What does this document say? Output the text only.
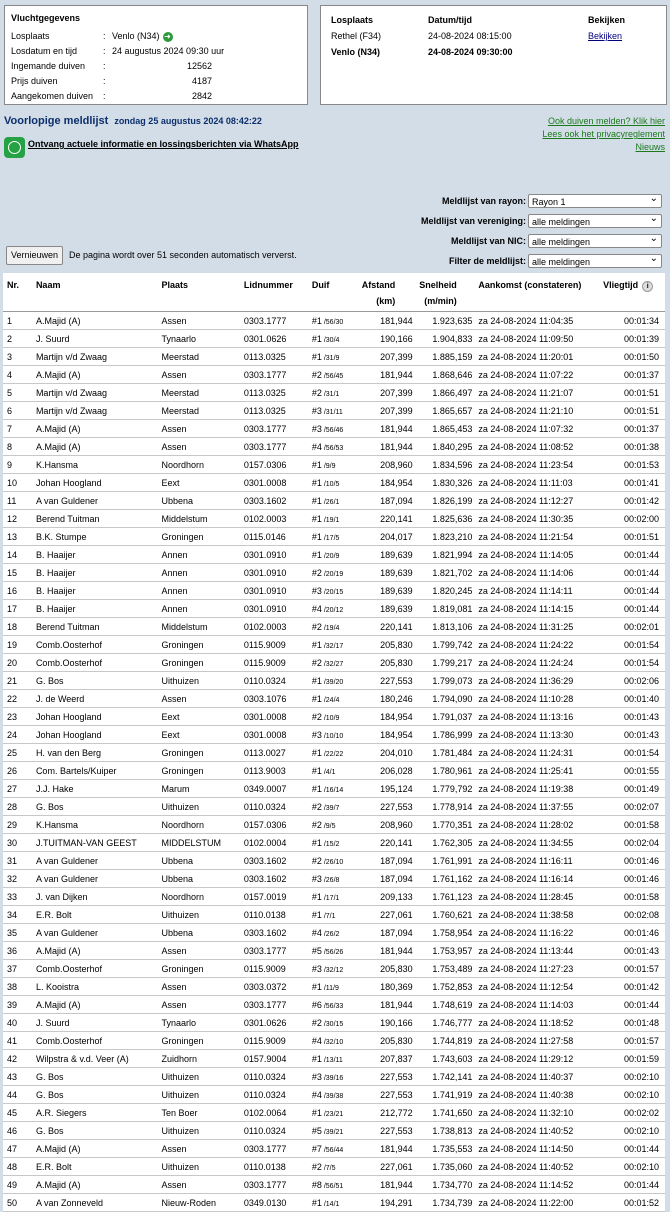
Vluchtgegevens
Losplaats	: Venlo (N34) ➜
Losdatum en tijd	: 24 augustus 2024 09:30 uur
Ingemande duiven :	12562
Prijs duiven	:	4187
Aangekomen duiven :	2842
Losplaats	Datum/tijd	Bekijken
Rethel (F34)	24-08-2024 08:15:00	Bekijken
Venlo (N34)	24-08-2024 09:30:00
Voorlopige meldlijst zondag 25 augustus 2024 08:42:22	Ook duiven melden? Klik hier
Lees ook het privacyreglement
Nieuws
Ontvang actuele informatie en lossingsberichten via WhatsApp
Meldlijst van rayon: Rayon 1 ⌄
Meldlijst van vereniging: alle meldingen ⌄
Meldlijst van NIC: alle meldingen ⌄
Filter de meldlijst: alle meldingen ⌄
Vernieuwen	De pagina wordt over 51 seconden automatisch ververst.
Nr.	Naam	Plaats	Lidnummer	Duif	Afstand (km)	Snelheid (m/min)	Aankomst (constateren)	Vliegtijd i
1	A.Majid (A)	Assen	0303.1777	#1 /56/30	181,944	1.923,635	za 24-08-2024 11:04:35	00:01:34
2	J. Suurd	Tynaarlo	0301.0626	#1 /30/4	190,166	1.904,833	za 24-08-2024 11:09:50	00:01:39
3	Martijn v/d Zwaag	Meerstad	0113.0325	#1 /31/9	207,399	1.885,159	za 24-08-2024 11:20:01	00:01:50
4	A.Majid (A)	Assen	0303.1777	#2 /56/45	181,944	1.868,646	za 24-08-2024 11:07:22	00:01:37
5	Martijn v/d Zwaag	Meerstad	0113.0325	#2 /31/1	207,399	1.866,497	za 24-08-2024 11:21:07	00:01:51
6	Martijn v/d Zwaag	Meerstad	0113.0325	#3 /31/11	207,399	1.865,657	za 24-08-2024 11:21:10	00:01:51
7	A.Majid (A)	Assen	0303.1777	#3 /56/46	181,944	1.865,453	za 24-08-2024 11:07:32	00:01:37
8	A.Majid (A)	Assen	0303.1777	#4 /56/53	181,944	1.840,295	za 24-08-2024 11:08:52	00:01:38
9	K.Hansma	Noordhorn	0157.0306	#1 /9/9	208,960	1.834,596	za 24-08-2024 11:23:54	00:01:53
10	Johan Hoogland	Eext	0301.0008	#1 /10/5	184,954	1.830,326	za 24-08-2024 11:11:03	00:01:41
11	A van Guldener	Ubbena	0303.1602	#1 /26/1	187,094	1.826,199	za 24-08-2024 11:12:27	00:01:42
12	Berend Tuitman	Middelstum	0102.0003	#1 /19/1	220,141	1.825,636	za 24-08-2024 11:30:35	00:02:00
13	B.K. Stumpe	Groningen	0115.0146	#1 /17/5	204,017	1.823,210	za 24-08-2024 11:21:54	00:01:51
14	B. Haaijer	Annen	0301.0910	#1 /20/9	189,639	1.821,994	za 24-08-2024 11:14:05	00:01:44
15	B. Haaijer	Annen	0301.0910	#2 /20/19	189,639	1.821,702	za 24-08-2024 11:14:06	00:01:44
16	B. Haaijer	Annen	0301.0910	#3 /20/15	189,639	1.820,245	za 24-08-2024 11:14:11	00:01:44
17	B. Haaijer	Annen	0301.0910	#4 /20/12	189,639	1.819,081	za 24-08-2024 11:14:15	00:01:44
18	Berend Tuitman	Middelstum	0102.0003	#2 /19/4	220,141	1.813,106	za 24-08-2024 11:31:25	00:02:01
19	Comb.Oosterhof	Groningen	0115.9009	#1 /32/17	205,830	1.799,742	za 24-08-2024 11:24:22	00:01:54
20	Comb.Oosterhof	Groningen	0115.9009	#2 /32/27	205,830	1.799,217	za 24-08-2024 11:24:24	00:01:54
21	G. Bos	Uithuizen	0110.0324	#1 /39/20	227,553	1.799,073	za 24-08-2024 11:36:29	00:02:06
22	J. de Weerd	Assen	0303.1076	#1 /24/4	180,246	1.794,090	za 24-08-2024 11:10:28	00:01:40
23	Johan Hoogland	Eext	0301.0008	#2 /10/9	184,954	1.791,037	za 24-08-2024 11:13:16	00:01:43
24	Johan Hoogland	Eext	0301.0008	#3 /10/10	184,954	1.786,999	za 24-08-2024 11:13:30	00:01:43
25	H. van den Berg	Groningen	0113.0027	#1 /22/22	204,010	1.781,484	za 24-08-2024 11:24:31	00:01:54
26	Com. Bartels/Kuiper	Groningen	0113.9003	#1 /4/1	206,028	1.780,961	za 24-08-2024 11:25:41	00:01:55
27	J.J. Hake	Marum	0349.0007	#1 /16/14	195,124	1.779,792	za 24-08-2024 11:19:38	00:01:49
28	G. Bos	Uithuizen	0110.0324	#2 /39/7	227,553	1.778,914	za 24-08-2024 11:37:55	00:02:07
29	K.Hansma	Noordhorn	0157.0306	#2 /9/5	208,960	1.770,351	za 24-08-2024 11:28:02	00:01:58
30	J.TUITMAN-VAN GEEST	MIDDELSTUM	0102.0004	#1 /15/2	220,141	1.762,305	za 24-08-2024 11:34:55	00:02:04
31	A van Guldener	Ubbena	0303.1602	#2 /26/10	187,094	1.761,991	za 24-08-2024 11:16:11	00:01:46
32	A van Guldener	Ubbena	0303.1602	#3 /26/8	187,094	1.761,162	za 24-08-2024 11:16:14	00:01:46
33	J. van Dijken	Noordhorn	0157.0019	#1 /17/1	209,133	1.761,123	za 24-08-2024 11:28:45	00:01:58
34	E.R. Bolt	Uithuizen	0110.0138	#1 /7/1	227,061	1.760,621	za 24-08-2024 11:38:58	00:02:08
35	A van Guldener	Ubbena	0303.1602	#4 /26/2	187,094	1.758,954	za 24-08-2024 11:16:22	00:01:46
36	A.Majid (A)	Assen	0303.1777	#5 /56/26	181,944	1.753,957	za 24-08-2024 11:13:44	00:01:43
37	Comb.Oosterhof	Groningen	0115.9009	#3 /32/12	205,830	1.753,489	za 24-08-2024 11:27:23	00:01:57
38	L. Kooistra	Assen	0303.0372	#1 /11/9	180,369	1.752,853	za 24-08-2024 11:12:54	00:01:42
39	A.Majid (A)	Assen	0303.1777	#6 /56/33	181,944	1.748,619	za 24-08-2024 11:14:03	00:01:44
40	J. Suurd	Tynaarlo	0301.0626	#2 /30/15	190,166	1.746,777	za 24-08-2024 11:18:52	00:01:48
41	Comb.Oosterhof	Groningen	0115.9009	#4 /32/10	205,830	1.744,819	za 24-08-2024 11:27:58	00:01:57
42	Wilpstra & v.d. Veer (A)	Zuidhorn	0157.9004	#1 /13/11	207,837	1.743,603	za 24-08-2024 11:29:12	00:01:59
43	G. Bos	Uithuizen	0110.0324	#3 /39/16	227,553	1.742,141	za 24-08-2024 11:40:37	00:02:10
44	G. Bos	Uithuizen	0110.0324	#4 /39/38	227,553	1.741,919	za 24-08-2024 11:40:38	00:02:10
45	A.R. Siegers	Ten Boer	0102.0064	#1 /23/21	212,772	1.741,650	za 24-08-2024 11:32:10	00:02:02
46	G. Bos	Uithuizen	0110.0324	#5 /39/21	227,553	1.738,813	za 24-08-2024 11:40:52	00:02:10
47	A.Majid (A)	Assen	0303.1777	#7 /56/44	181,944	1.735,553	za 24-08-2024 11:14:50	00:01:44
48	E.R. Bolt	Uithuizen	0110.0138	#2 /7/5	227,061	1.735,060	za 24-08-2024 11:40:52	00:02:10
49	A.Majid (A)	Assen	0303.1777	#8 /56/51	181,944	1.734,770	za 24-08-2024 11:14:52	00:01:44
50	A van Zonneveld	Nieuw-Roden	0349.0130	#1 /14/1	194,291	1.734,739	za 24-08-2024 11:22:00	00:01:52
